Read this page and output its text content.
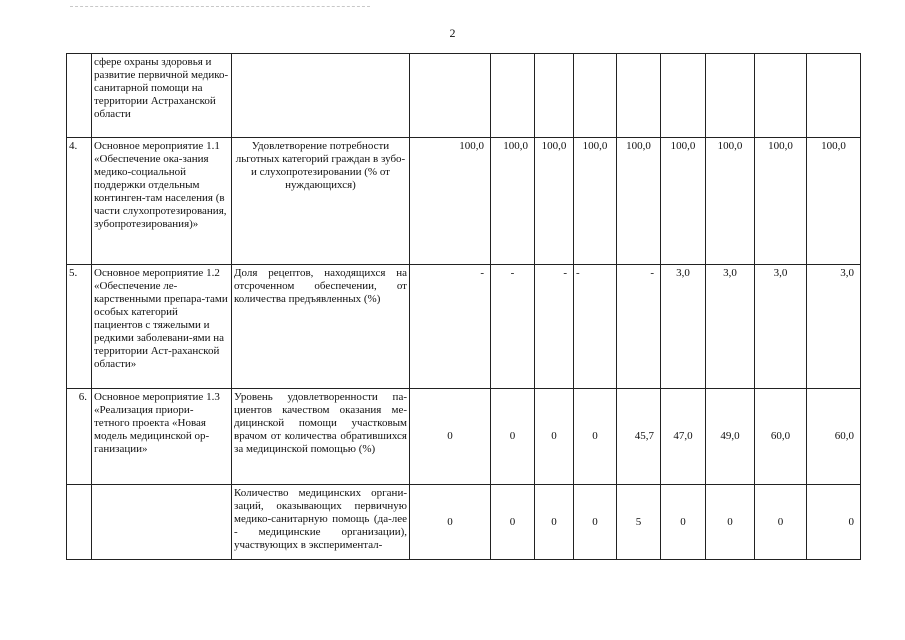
2
	сфере охраны здоровья и развитие первичной медико-санитарной помощи на территории Астраханской области										
4.	Основное мероприятие 1.1 «Обеспечение ока-зания медико-социальной поддержки отдельным континген-там населения (в части слухопротезирования, зубопротезирования)»	Удовлетворение потребности льготных категорий граждан в зубо- и слухопротезировании (% от нуждающихся)	100,0	100,0	100,0	100,0	100,0	100,0	100,0	100,0	100,0
5.	Основное мероприятие 1.2 «Обеспечение ле-карственными препара-тами особых категорий пациентов с тяжелыми и редкими заболевани-ями на территории Аст-раханской области»	Доля рецептов, находящихся на отсроченном обеспечении, от количества предъявленных (%)	-	-	-	-	-	3,0	3,0	3,0	3,0
6.	Основное мероприятие 1.3 «Реализация приори-тетного проекта «Новая модель медицинской ор-ганизации»	Уровень удовлетворенности па-циентов качеством оказания ме-дицинской помощи участковым врачом от количества обратившихся за медицинской помощью (%)	0	0	0	0	45,7	47,0	49,0	60,0	60,0
		Количество медицинских органи-заций, оказывающих первичную медико-санитарную помощь (да-лее - медицинские организации), участвующих в экспериментал-	0	0	0	0	5	0	0	0	0
